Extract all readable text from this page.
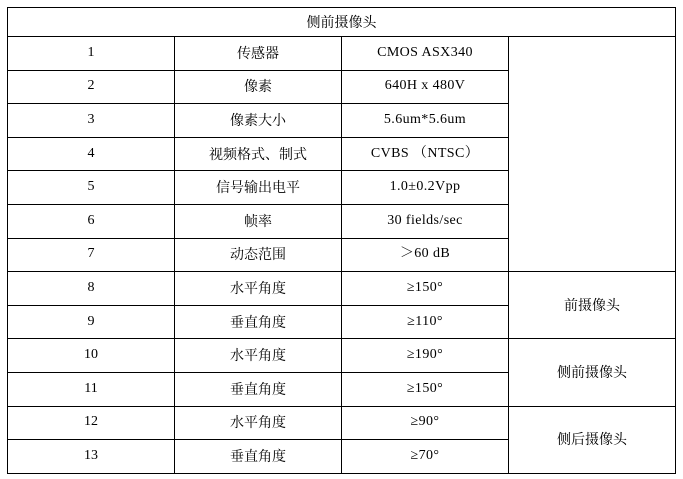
侧前摄像头			
1	传感器	CMOS ASX340	
2	像素	640H x 480V	
3	像素大小	5.6um*5.6um	
4	视频格式、制式	CVBS （NTSC）	
5	信号输出电平	1.0±0.2Vpp	
6	帧率	30 fields/sec	
7	动态范围	＞60 dB	
8	水平角度	≥150°	前摄像头
9	垂直角度	≥110°	
10	水平角度	≥190°	侧前摄像头
11	垂直角度	≥150°	
12	水平角度	≥90°	侧后摄像头
13	垂直角度	≥70°	
